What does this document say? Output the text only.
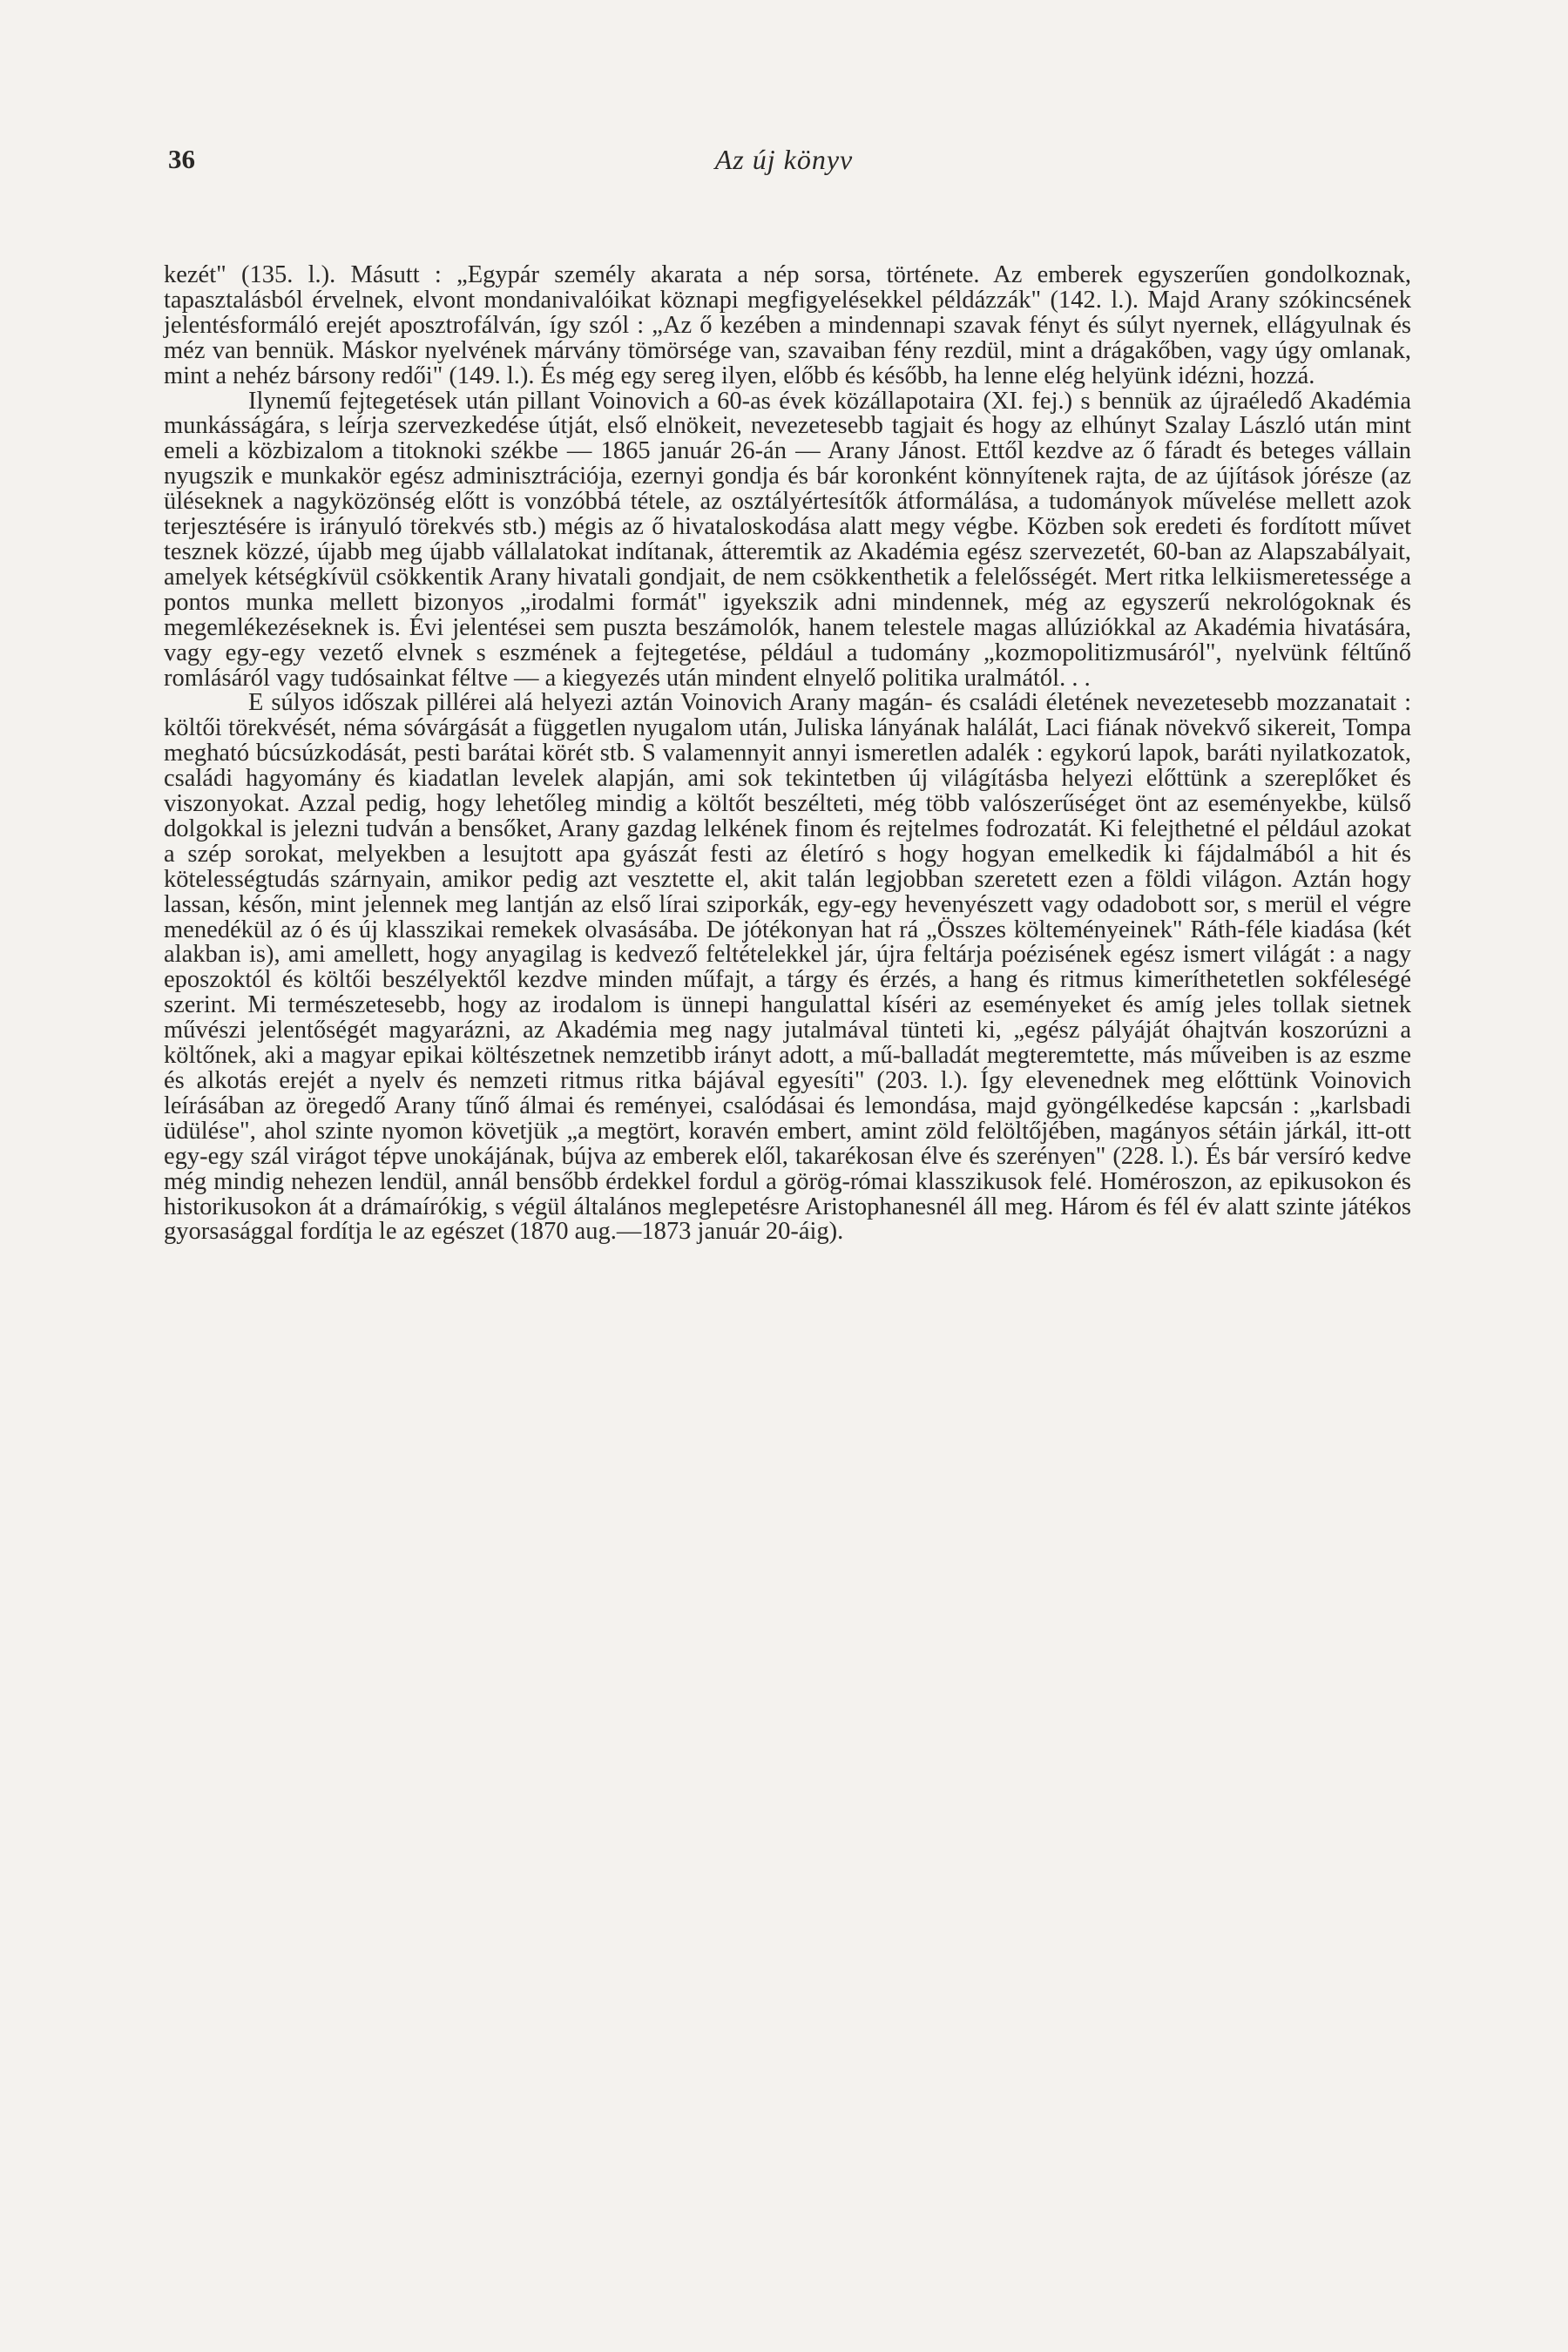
36	Az új könyv

kezét" (135. l.). Másutt : „Egypár személy akarata a nép sorsa, története. Az emberek egyszerűen gondolkoznak, tapasztalásból érvelnek, elvont mondanivalóikat köznapi megfigyelésekkel példázzák" (142. l.). Majd Arany szókincsének jelentésformáló erejét aposztrofálván, így szól : „Az ő kezében a mindennapi szavak fényt és súlyt nyernek, ellágyulnak és méz van bennük. Máskor nyelvének márvány tömörsége van, szavaiban fény rezdül, mint a drágakőben, vagy úgy omlanak, mint a nehéz bársony redői" (149. l.). És még egy sereg ilyen, előbb és később, ha lenne elég helyünk idézni, hozzá.

Ilynemű fejtegetések után pillant Voinovich a 60-as évek közállapotaira (XI. fej.) s bennük az újraéledő Akadémia munkásságára, s leírja szervezkedése útját, első elnökeit, nevezetesebb tagjait és hogy az elhúnyt Szalay László után mint emeli a közbizalom a titoknoki székbe — 1865 január 26-án — Arany Jánost. Ettől kezdve az ő fáradt és beteges vállain nyugszik e munkakör egész adminisztrációja, ezernyi gondja és bár koronként könnyítenek rajta, de az újítások jórésze (az üléseknek a nagyközönség előtt is vonzóbbá tétele, az osztályértesítők átformálása, a tudományok művelése mellett azok terjesztésére is irányuló törekvés stb.) mégis az ő hivataloskodása alatt megy végbe. Közben sok eredeti és fordított művet tesznek közzé, újabb meg újabb vállalatokat indítanak, átteremtik az Akadémia egész szervezetét, 60-ban az Alapszabályait, amelyek kétségkívül csökkentik Arany hivatali gondjait, de nem csökkenthetik a felelősségét. Mert ritka lelkiismeretessége a pontos munka mellett bizonyos „irodalmi formát" igyekszik adni mindennek, még az egyszerű nekrológoknak és megemlékezéseknek is. Évi jelentései sem puszta beszámolók, hanem telestele magas allúziókkal az Akadémia hivatására, vagy egy-egy vezető elvnek s eszmének a fejtegetése, például a tudomány „kozmopolitizmusáról", nyelvünk féltűnő romlásáról vagy tudósainkat féltve — a kiegyezés után mindent elnyelő politika uralmától. . .

E súlyos időszak pillérei alá helyezi aztán Voinovich Arany magán- és családi életének nevezetesebb mozzanatait : költői törekvését, néma sóvárgását a független nyugalom után, Juliska lányának halálát, Laci fiának növekvő sikereit, Tompa megható búcsúzkodását, pesti barátai körét stb. S valamennyit annyi ismeretlen adalék : egykorú lapok, baráti nyilatkozatok, családi hagyomány és kiadatlan levelek alapján, ami sok tekintetben új világításba helyezi előttünk a szereplőket és viszonyokat. Azzal pedig, hogy lehetőleg mindig a költőt beszélteti, még több valószerűséget önt az eseményekbe, külső dolgokkal is jelezni tudván a bensőket, Arany gazdag lelkének finom és rejtelmes fodrozatát. Ki felejthetné el például azokat a szép sorokat, melyekben a lesujtott apa gyászát festi az életíró s hogy hogyan emelkedik ki fájdalmából a hit és kötelességtudás szárnyain, amikor pedig azt vesztette el, akit talán legjobban szeretett ezen a földi világon. Aztán hogy lassan, későn, mint jelennek meg lantján az első lírai sziporkák, egy-egy hevenyészett vagy odadobott sor, s merül el végre menedékül az ó és új klasszikai remekek olvasásába. De jótékonyan hat rá „Összes költeményeinek" Ráth-féle kiadása (két alakban is), ami amellett, hogy anyagilag is kedvező feltételekkel jár, újra feltárja poézisének egész ismert világát : a nagy eposzoktól és költői beszélyektől kezdve minden műfajt, a tárgy és érzés, a hang és ritmus kimeríthetetlen sokféleségé szerint. Mi természetesebb, hogy az irodalom is ünnepi hangulattal kíséri az eseményeket és amíg jeles tollak sietnek művészi jelentőségét magyarázni, az Akadémia meg nagy jutalmával tünteti ki, „egész pályáját óhajtván koszorúzni a költőnek, aki a magyar epikai költészetnek nemzetibb irányt adott, a mű-balladát megteremtette, más műveiben is az eszme és alkotás erejét a nyelv és nemzeti ritmus ritka bájával egyesíti" (203. l.). Így elevenednek meg előttünk Voinovich leírásában az öregedő Arany tűnő álmai és reményei, csalódásai és lemondása, majd gyöngélkedése kapcsán : „karlsbadi üdülése", ahol szinte nyomon követjük „a megtört, koravén embert, amint zöld felöltőjében, magányos sétáin járkál, itt-ott egy-egy szál virágot tépve unokájának, bújva az emberek elől, takarékosan élve és szerényen" (228. l.). És bár versíró kedve még mindig nehezen lendül, annál bensőbb érdekkel fordul a görög-római klasszikusok felé. Homéroszon, az epikusokon és historikusokon át a drámaírókig, s végül általános meglepetésre Aristophanesnél áll meg. Három és fél év alatt szinte játékos gyorsasággal fordítja le az egészet (1870 aug.—1873 január 20-áig).
